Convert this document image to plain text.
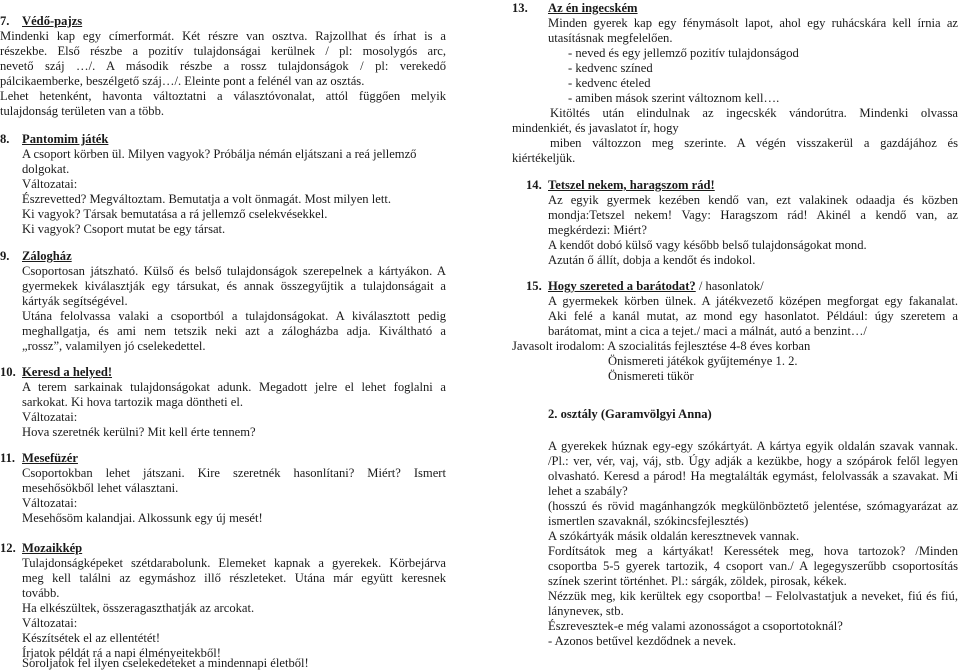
7. Védő-pajzs
Mindenki kap egy címerformát. Két részre van osztva. Rajzollhat és írhat is a
részekbe. Első részbe a pozitív tulajdonságai kerülnek / pl: mosolygós arc,
nevető száj …/. A második részbe a rossz tulajdonságok / pl: verekedő
pálcikaemberke, beszélgető száj…/. Eleinte pont a felénél van az osztás.
Lehet hetenként, havonta változtatni a választóvonalat, attól függően melyik
tulajdonság területen van a több.
8. Pantomim játék
A csoport körben ül. Milyen vagyok? Próbálja némán eljátszani a reá jellemző
dolgokat.
Változatai:
Észrevetted? Megváltoztam. Bemutatja a volt önmagát. Most milyen lett.
Ki vagyok? Társak bemutatása a rá jellemző cselekvésekkel.
Ki vagyok? Csoport mutat be egy társat.
9. Zálogház
Csoportosan játszható. Külső és belső tulajdonságok szerepelnek a kártyákon. A
gyermekek kiválasztják egy társukat, és annak összegyűjtik a tulajdonságait a
kártyák segítségével.
Utána felolvassa valaki a csoportból a tulajdonságokat. A kiválasztott pedig
meghallgatja, és ami nem tetszik neki azt a zálogházba adja. Kiváltható a
„rossz”, valamilyen jó cselekedettel.
10. Keresd a helyed!
A terem sarkainak tulajdonságokat adunk. Megadott jelre el lehet foglalni a
sarkokat. Ki hova tartozik maga döntheti el.
Változatai:
Hova szeretnék kerülni? Mit kell érte tennem?
11. Mesefüzér
Csoportokban lehet játszani. Kire szeretnék hasonlítani? Miért? Ismert
mesehősökből lehet választani.
Változatai:
Mesehősöm kalandjai. Alkossunk egy új mesét!
12. Mozaikkép
Tulajdonságképeket szétdarabolunk. Elemeket kapnak a gyerekek. Körbejárva
meg kell találni az egymáshoz illő részleteket. Utána már együtt keresnek
tovább.
Ha elkészültek, összeragaszthatják az arcokat.
Változatai:
Készítsétek el az ellentétét!
Írjatok példát rá a napi élményeitekből!
Soroljatok fel ilyen cselekedeteket a mindennapi életből!
13. Az én ingecském
Minden gyerek kap egy fénymásolt lapot, ahol egy ruhácskára kell írnia az
utasításnak megfelelően.
- neved és egy jellemző pozitív tulajdonságod
- kedvenc színed
- kedvenc ételed
- amiben mások szerint változnom kell….
Kitöltés után elindulnak az ingecskék vándorútra. Mindenki olvassa
mindenkiét, és javaslatot ír, hogy
miben változzon meg szerinte. A végén visszakerül a gazdájához és
kiértékeljük.
14. Tetszel nekem, haragszom rád!
Az egyik gyermek kezében kendő van, ezt valakinek odaadja és közben
mondja:Tetszel nekem! Vagy: Haragszom rád! Akinél a kendő van, az
megkérdezi: Miért?
A kendőt dobó külső vagy később belső tulajdonságokat mond.
Azután ő állít, dobja a kendőt és indokol.
15. Hogy szereted a barátodat? / hasonlatok/
A gyermekek körben ülnek. A játékvezető középen megforgat egy fakanalat.
Aki felé a kanál mutat, az mond egy hasonlatot. Például: úgy szeretem a
barátomat, mint a cica a tejet./ maci a málnát, autó a benzint…/
Javasolt irodalom: A szocialitás fejlesztése 4-8 éves korban
Önismereti játékok gyűjteménye 1. 2.
Önismereti tükör
2. osztály (Garamvölgyi Anna)
A gyerekek húznak egy-egy szókártyát. A kártya egyik oldalán szavak vannak.
/Pl.: ver, vér, vaj, váj, stb. Úgy adják a kezükbe, hogy a szópárok felől legyen
olvasható. Keresd a párod! Ha megtalálták egymást, felolvassák a szavakat. Mi
lehet a szabály?
(hosszú és rövid magánhangzók megkülönböztető jelentése, szómagyarázat az
ismertlen szavaknál, szókincsfejlesztés)
A szókártyák másik oldalán keresztnevek vannak.
Fordítsátok meg a kártyákat! Keressétek meg, hova tartozok? /Minden
csoportba 5-5 gyerek tartozik, 4 csoport van./ A legegyszerűbb csoportosítás
színek szerint történhet. Pl.: sárgák, zöldek, pirosak, kékek.
Nézzük meg, kik kerültek egy csoportba! – Felolvastatjuk a neveket, fiú és fiú,
lányneveк, stb.
Észrevesztek-e még valami azonosságot a csoportotoknál?
- Azonos betűvel kezdődnek a nevek.
